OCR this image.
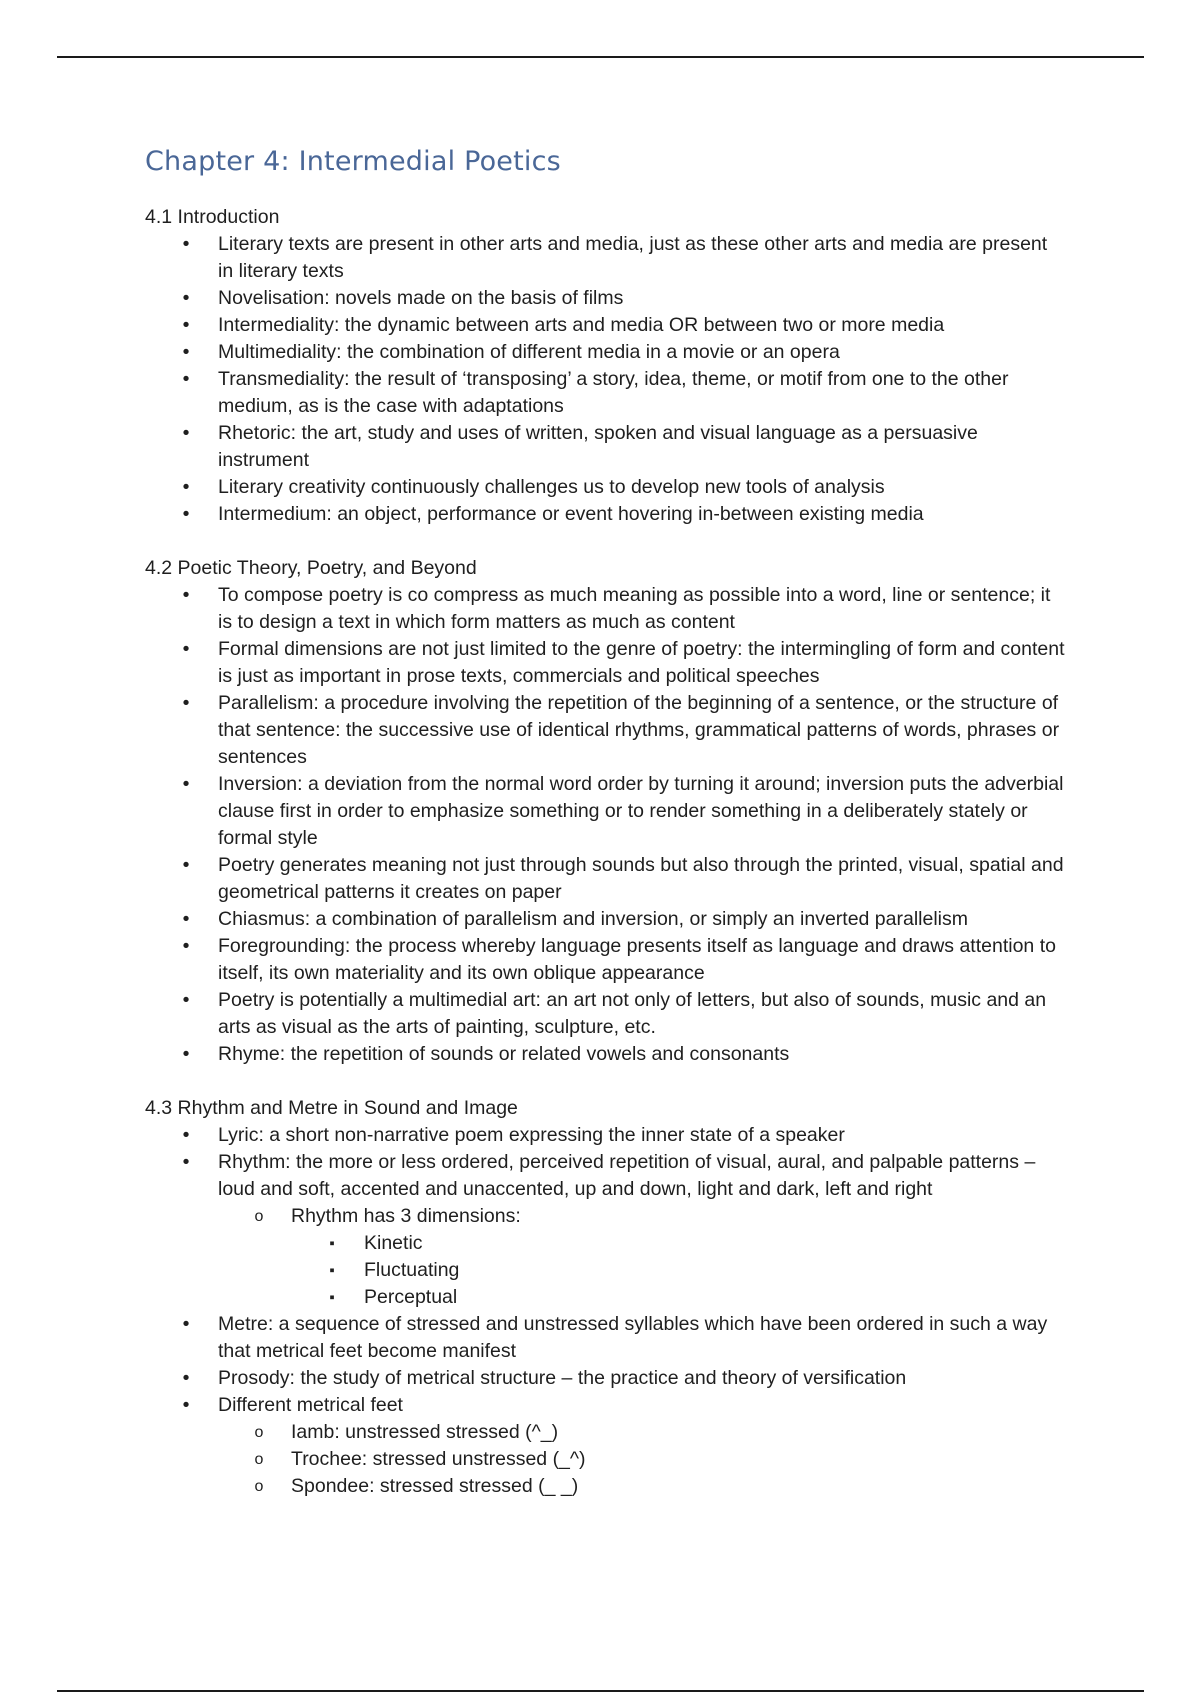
Chapter 4: Intermedial Poetics

4.1 Introduction

• Literary texts are present in other arts and media, just as these other arts and media are present in literary texts
• Novelisation: novels made on the basis of films
• Intermediality: the dynamic between arts and media OR between two or more media
• Multimediality: the combination of different media in a movie or an opera
• Transmediality: the result of ‘transposing’ a story, idea, theme, or motif from one to the other medium, as is the case with adaptations
• Rhetoric: the art, study and uses of written, spoken and visual language as a persuasive instrument
• Literary creativity continuously challenges us to develop new tools of analysis
• Intermedium: an object, performance or event hovering in-between existing media

4.2 Poetic Theory, Poetry, and Beyond

• To compose poetry is co compress as much meaning as possible into a word, line or sentence; it is to design a text in which form matters as much as content
• Formal dimensions are not just limited to the genre of poetry: the intermingling of form and content is just as important in prose texts, commercials and political speeches
• Parallelism: a procedure involving the repetition of the beginning of a sentence, or the structure of that sentence: the successive use of identical rhythms, grammatical patterns of words, phrases or sentences
• Inversion: a deviation from the normal word order by turning it around; inversion puts the adverbial clause first in order to emphasize something or to render something in a deliberately stately or formal style
• Poetry generates meaning not just through sounds but also through the printed, visual, spatial and geometrical patterns it creates on paper
• Chiasmus: a combination of parallelism and inversion, or simply an inverted parallelism
• Foregrounding: the process whereby language presents itself as language and draws attention to itself, its own materiality and its own oblique appearance
• Poetry is potentially a multimedial art: an art not only of letters, but also of sounds, music and an arts as visual as the arts of painting, sculpture, etc.
• Rhyme: the repetition of sounds or related vowels and consonants

4.3 Rhythm and Metre in Sound and Image

• Lyric: a short non-narrative poem expressing the inner state of a speaker
• Rhythm: the more or less ordered, perceived repetition of visual, aural, and palpable patterns – loud and soft, accented and unaccented, up and down, light and dark, left and right
o Rhythm has 3 dimensions:
▪ Kinetic
▪ Fluctuating
▪ Perceptual
• Metre: a sequence of stressed and unstressed syllables which have been ordered in such a way that metrical feet become manifest
• Prosody: the study of metrical structure – the practice and theory of versification
• Different metrical feet
o Iamb: unstressed stressed (^_)
o Trochee: stressed unstressed (_^)
o Spondee: stressed stressed (_ _)
